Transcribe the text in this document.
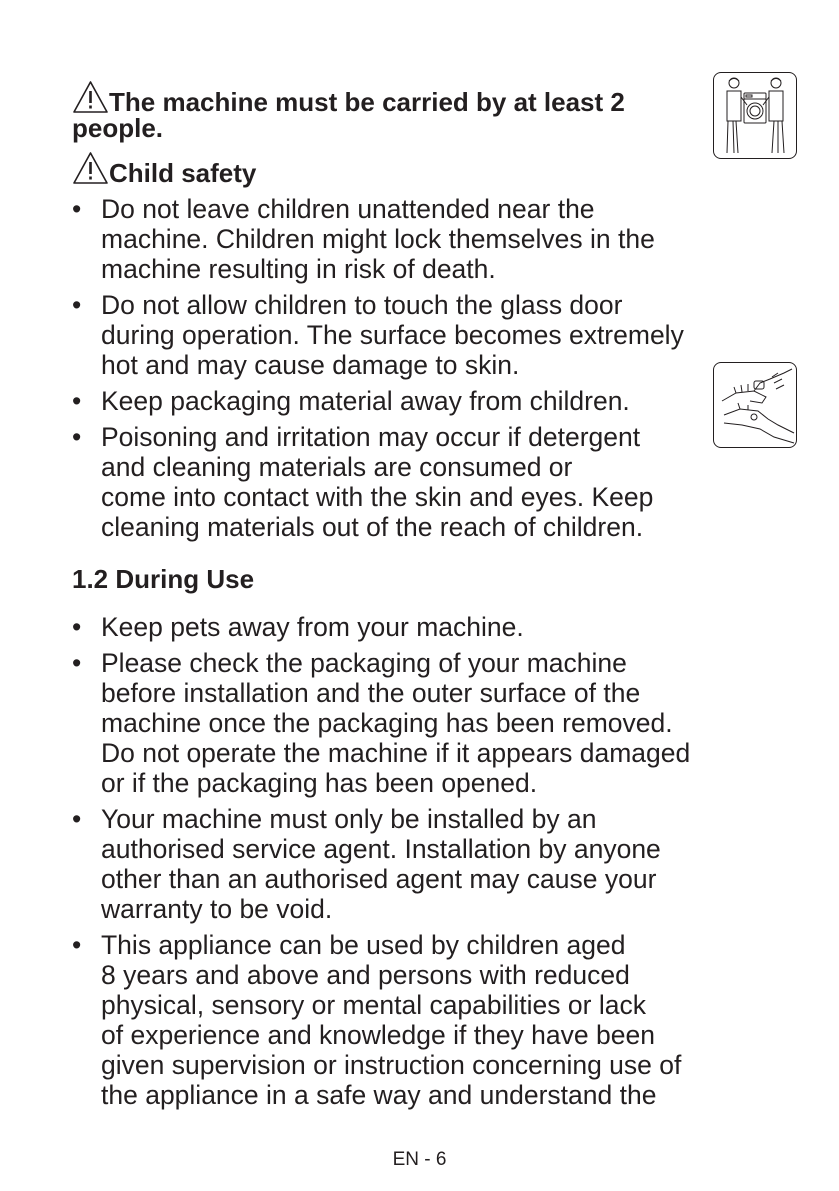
The machine must be carried by at least 2
people.
Child safety
• Do not leave children unattended near the
machine. Children might lock themselves in the
machine resulting in risk of death.
• Do not allow children to touch the glass door
during operation. The surface becomes extremely
hot and may cause damage to skin.
• Keep packaging material away from children.
• Poisoning and irritation may occur if detergent
and cleaning materials are consumed or
come into contact with the skin and eyes. Keep
cleaning materials out of the reach of children.
1.2 During Use
• Keep pets away from your machine.
• Please check the packaging of your machine
before installation and the outer surface of the
machine once the packaging has been removed.
Do not operate the machine if it appears damaged
or if the packaging has been opened.
• Your machine must only be installed by an
authorised service agent. Installation by anyone
other than an authorised agent may cause your
warranty to be void.
• This appliance can be used by children aged
8 years and above and persons with reduced
physical, sensory or mental capabilities or lack
of experience and knowledge if they have been
given supervision or instruction concerning use of
the appliance in a safe way and understand the
EN - 6
